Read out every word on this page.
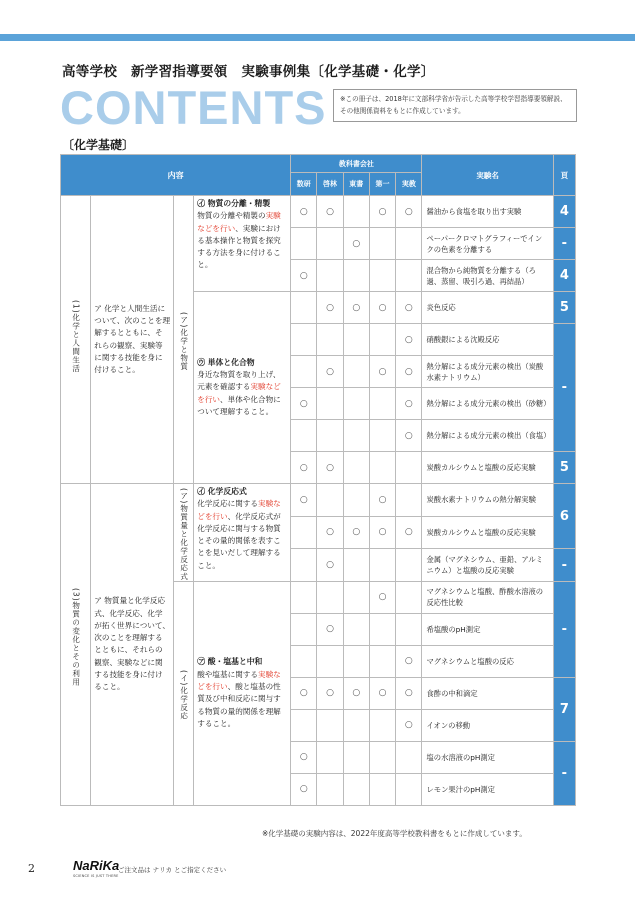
高等学校　新学習指導要領　実験事例集〔化学基礎・化学〕
CONTENTS	※この冊子は、2018年に文部科学省が告示した高等学校学習指導要領解説、その他関係資料をもとに作成しています。
〔化学基礎〕
内容				教科書会社					実験名	頁
				数研	啓林	東書	第一	実教		

(1)化学と人間生活	ア 化学と人間生活について、次のことを理解するとともに、それらの観察、実験等に関する技能を身に付けること。	(ア)化学と物質	㋑ 物質の分離・精製
物質の分離や精製の実験などを行い、実験における基本操作と物質を探究する方法を身に付けること。	○	○		○	○	醤油から食塩を取り出す実験	4
						○			ペーパークロマトグラフィーでインクの色素を分離する	-
				○					混合物から純物質を分離する（ろ過、蒸留、吸引ろ過、再結晶）	4

			㋒ 単体と化合物
身近な物質を取り上げ、元素を確認する実験などを行い、単体や化合物について理解すること。		○	○	○	○	炎色反応	5
								○	硝酸銀による沈殿反応	-
					○		○	○	熱分解による成分元素の検出（炭酸水素ナトリウム）	
				○				○	熱分解による成分元素の検出（砂糖）	
								○	熱分解による成分元素の検出（食塩）	
				○	○				炭酸カルシウムと塩酸の反応実験	5

(3)物質の変化とその利用	ア 物質量と化学反応式、化学反応、化学が拓く世界について、次のことを理解するとともに、それらの観察、実験などに関する技能を身に付けること。	(ア)物質量と化学反応式	㋑ 化学反応式
化学反応に関する実験などを行い、化学反応式が化学反応に関与する物質とその量的関係を表すことを見いだして理解すること。	○			○		炭酸水素ナトリウムの熱分解実験	6
					○	○	○	○	炭酸カルシウムと塩酸の反応実験	
					○				金属（マグネシウム、亜鉛、アルミニウム）と塩酸の反応実験	-

		(イ)化学反応	㋐ 酸・塩基と中和
酸や塩基に関する実験などを行い、酸と塩基の性質及び中和反応に関与する物質の量的関係を理解すること。				○		マグネシウムと塩酸、酢酸水溶液の反応性比較	-
					○				希塩酸のpH測定	
								○	マグネシウムと塩酸の反応	
				○	○	○	○	○	食酢の中和滴定	7
								○	イオンの移動	
				○					塩の水溶液のpH測定	-
				○					レモン果汁のpH測定	
※化学基礎の実験内容は、2022年度高等学校教科書をもとに作成しています。
2	NaRiKa
SCIENCE IS JUST THERE
ご注文品は ナリカ とご指定ください
